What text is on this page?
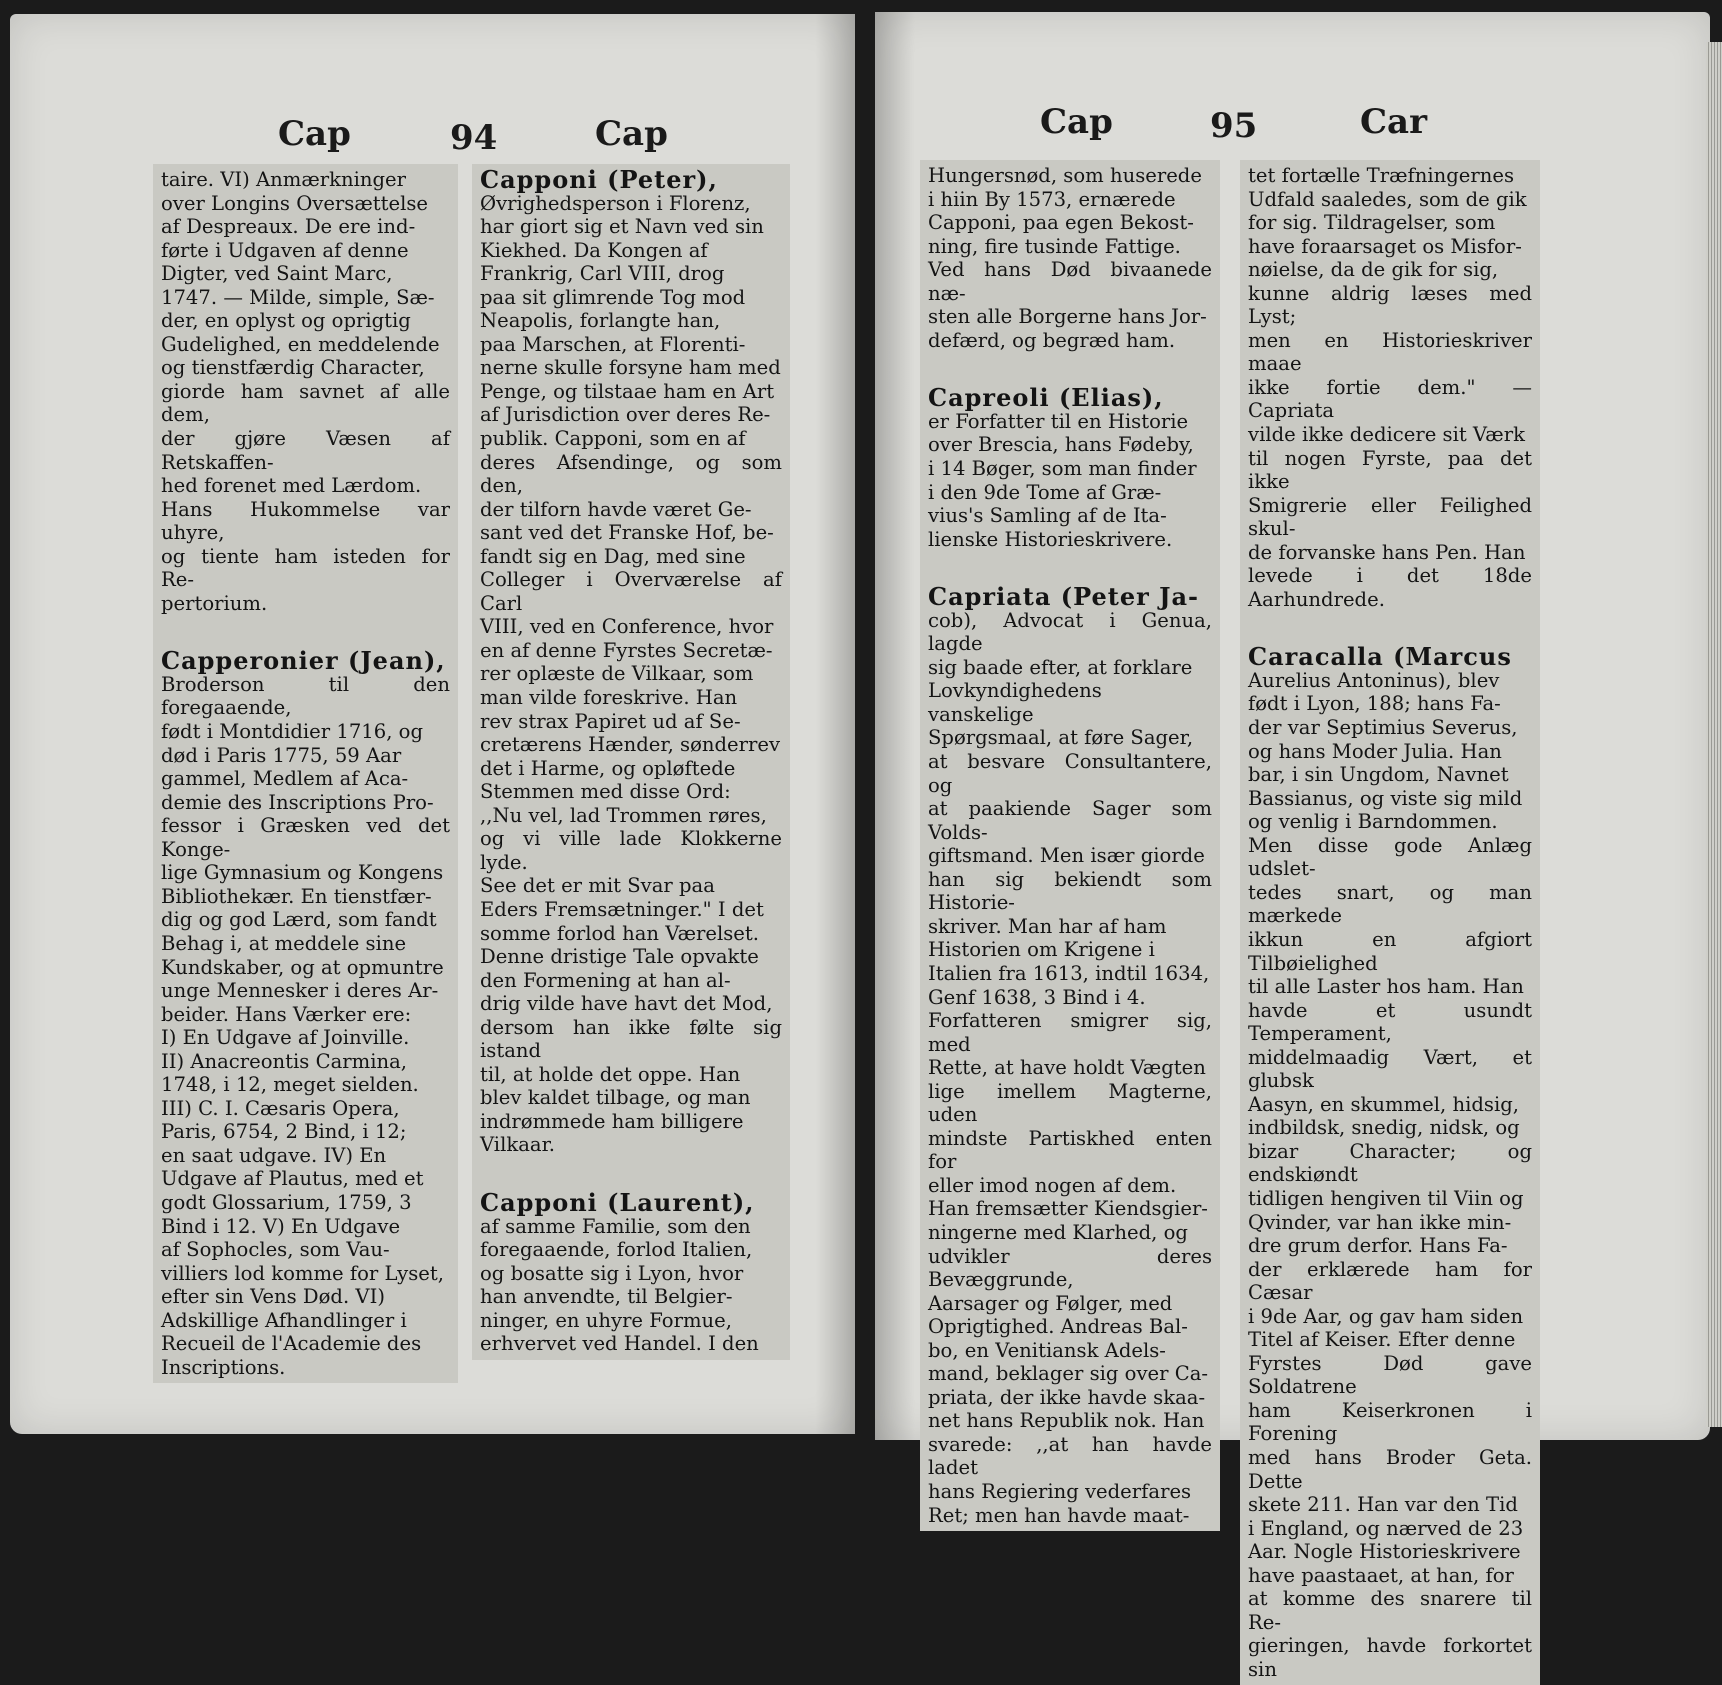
Cap	94	Cap

taire. VI) Anmærkninger
over Longins Oversættelse
af Despreaux. De ere ind-
førte i Udgaven af denne
Digter, ved Saint Marc,
1747. — Milde, simple, Sæ-
der, en oplyst og oprigtig
Gudelighed, en meddelende
og tienstfærdig Character,
giorde ham savnet af alle dem,
der gjøre Væsen af Retskaffen-
hed forenet med Lærdom.
Hans Hukommelse var uhyre,
og tiente ham isteden for Re-
pertorium.

Capperonier (Jean),

Broderson til den foregaaende,
født i Montdidier 1716, og
død i Paris 1775, 59 Aar
gammel, Medlem af Aca-
demie des Inscriptions Pro-
fessor i Græsken ved det Konge-
lige Gymnasium og Kongens
Bibliothekær. En tienstfær-
dig og god Lærd, som fandt
Behag i, at meddele sine
Kundskaber, og at opmuntre
unge Mennesker i deres Ar-
beider. Hans Værker ere:
I) En Udgave af Joinville.
II) Anacreontis Carmina,
1748, i 12, meget sielden.
III) C. I. Cæsaris Opera,
Paris, 6754, 2 Bind, i 12;
en saat udgave. IV) En
Udgave af Plautus, med et
godt Glossarium, 1759, 3
Bind i 12. V) En Udgave
af Sophocles, som Vau-
villiers lod komme for Lyset,
efter sin Vens Død. VI)
Adskillige Afhandlinger i
Recueil de l'Academie des
Inscriptions.

Capponi (Peter),

Øvrighedsperson i Florenz,
har giort sig et Navn ved sin
Kiekhed. Da Kongen af
Frankrig, Carl VIII, drog
paa sit glimrende Tog mod
Neapolis, forlangte han,
paa Marschen, at Florenti-
nerne skulle forsyne ham med
Penge, og tilstaae ham en Art
af Jurisdiction over deres Re-
publik. Capponi, som en af
deres Afsendinge, og som den,
der tilforn havde været Ge-
sant ved det Franske Hof, be-
fandt sig en Dag, med sine
Colleger i Overværelse af Carl
VIII, ved en Conference, hvor
en af denne Fyrstes Secretæ-
rer oplæste de Vilkaar, som
man vilde foreskrive. Han
rev strax Papiret ud af Se-
cretærens Hænder, sønderrev
det i Harme, og opløftede
Stemmen med disse Ord:
,,Nu vel, lad Trommen røres,
og vi ville lade Klokkerne lyde.
See det er mit Svar paa
Eders Fremsætninger." I det
somme forlod han Værelset.
Denne dristige Tale opvakte
den Formening at han al-
drig vilde have havt det Mod,
dersom han ikke følte sig istand
til, at holde det oppe. Han
blev kaldet tilbage, og man
indrømmede ham billigere
Vilkaar.

Capponi (Laurent),

af samme Familie, som den
foregaaende, forlod Italien,
og bosatte sig i Lyon, hvor
han anvendte, til Belgier-
ninger, en uhyre Formue,
erhvervet ved Handel. I den

Cap	95	Car

Hungersnød, som huserede
i hiin By 1573, ernærede
Capponi, paa egen Bekost-
ning, fire tusinde Fattige.
Ved hans Død bivaanede næ-
sten alle Borgerne hans Jor-
defærd, og begræd ham.

Capreoli (Elias),

er Forfatter til en Historie
over Brescia, hans Fødeby,
i 14 Bøger, som man finder
i den 9de Tome af Græ-
vius's Samling af de Ita-
lienske Historieskrivere.

Capriata (Peter Ja-

cob), Advocat i Genua, lagde
sig baade efter, at forklare
Lovkyndighedens vanskelige
Spørgsmaal, at føre Sager,
at besvare Consultantere, og
at paakiende Sager som Volds-
giftsmand. Men især giorde
han sig bekiendt som Historie-
skriver. Man har af ham
Historien om Krigene i
Italien fra 1613, indtil 1634,
Genf 1638, 3 Bind i 4.
Forfatteren smigrer sig, med
Rette, at have holdt Vægten
lige imellem Magterne, uden
mindste Partiskhed enten for
eller imod nogen af dem.
Han fremsætter Kiendsgier-
ningerne med Klarhed, og
udvikler deres Bevæggrunde,
Aarsager og Følger, med
Oprigtighed. Andreas Bal-
bo, en Venitiansk Adels-
mand, beklager sig over Ca-
priata, der ikke havde skaa-
net hans Republik nok. Han
svarede: ,,at han havde ladet
hans Regiering vederfares
Ret; men han havde maat-

tet fortælle Træfningernes
Udfald saaledes, som de gik
for sig. Tildragelser, som
have foraarsaget os Misfor-
nøielse, da de gik for sig,
kunne aldrig læses med Lyst;
men en Historieskriver maae
ikke fortie dem." — Capriata
vilde ikke dedicere sit Værk
til nogen Fyrste, paa det ikke
Smigrerie eller Feilighed skul-
de forvanske hans Pen. Han
levede i det 18de Aarhundrede.

Caracalla (Marcus

Aurelius Antoninus), blev
født i Lyon, 188; hans Fa-
der var Septimius Severus,
og hans Moder Julia. Han
bar, i sin Ungdom, Navnet
Bassianus, og viste sig mild
og venlig i Barndommen.
Men disse gode Anlæg udslet-
tedes snart, og man mærkede
ikkun en afgiort Tilbøielighed
til alle Laster hos ham. Han
havde et usundt Temperament,
middelmaadig Vært, et glubsk
Aasyn, en skummel, hidsig,
indbildsk, snedig, nidsk, og
bizar Character; og endskiøndt
tidligen hengiven til Viin og
Qvinder, var han ikke min-
dre grum derfor. Hans Fa-
der erklærede ham for Cæsar
i 9de Aar, og gav ham siden
Titel af Keiser. Efter denne
Fyrstes Død gave Soldatrene
ham Keiserkronen i Forening
med hans Broder Geta. Dette
skete 211. Han var den Tid
i England, og nærved de 23
Aar. Nogle Historieskrivere
have paastaaet, at han, for
at komme des snarere til Re-
gieringen, havde forkortet sin
